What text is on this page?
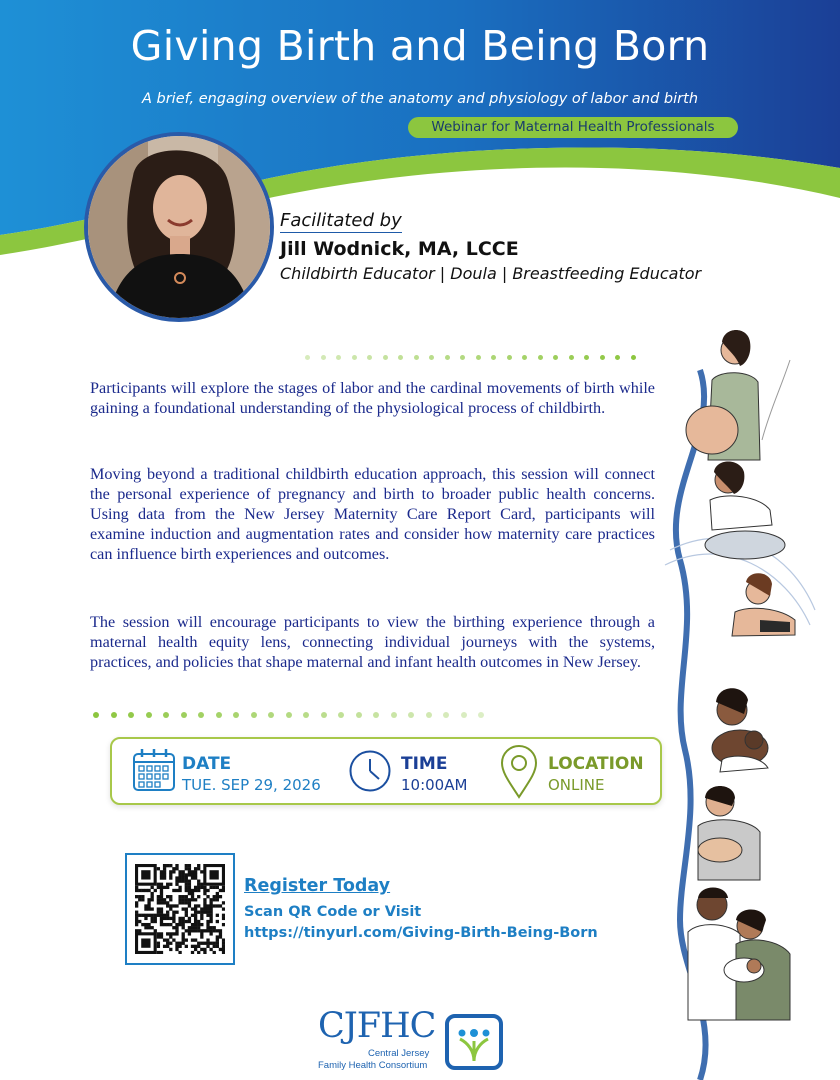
Giving Birth and Being Born
A brief, engaging overview of the anatomy and physiology of labor and birth
Webinar for Maternal Health Professionals
Facilitated by
Jill Wodnick, MA, LCCE
Childbirth Educator | Doula | Breastfeeding Educator

Participants will explore the stages of labor and the cardinal movements of birth while gaining a foundational understanding of the physiological process of childbirth.

Moving beyond a traditional childbirth education approach, this session will connect the personal experience of pregnancy and birth to broader public health concerns. Using data from the New Jersey Maternity Care Report Card, participants will examine induction and augmentation rates and consider how maternity care practices can influence birth experiences and outcomes.

The session will encourage participants to view the birthing experience through a maternal health equity lens, connecting individual journeys with the systems, practices, and policies that shape maternal and infant health outcomes in New Jersey.

DATE
TUE. SEP 29, 2026
TIME
10:00AM
LOCATION
ONLINE
Register Today
Scan QR Code or Visit
https://tinyurl.com/Giving-Birth-Being-Born
CJFHC
Central Jersey
Family Health Consortium
